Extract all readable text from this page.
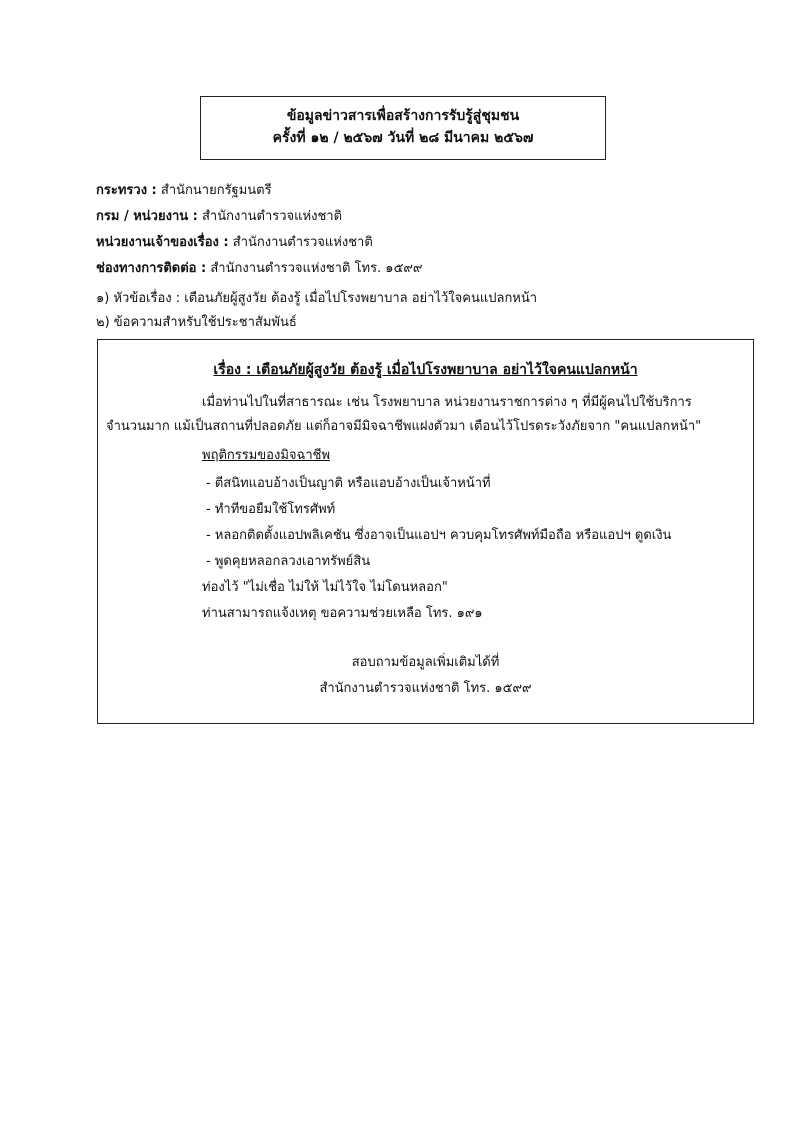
ข้อมูลข่าวสารเพื่อสร้างการรับรู้สู่ชุมชน
ครั้งที่ ๑๒ / ๒๕๖๗ วันที่ ๒๘ มีนาคม ๒๕๖๗
กระทรวง : สำนักนายกรัฐมนตรี
กรม / หน่วยงาน : สำนักงานตำรวจแห่งชาติ
หน่วยงานเจ้าของเรื่อง : สำนักงานตำรวจแห่งชาติ
ช่องทางการติดต่อ : สำนักงานตำรวจแห่งชาติ โทร. ๑๕๙๙
๑) หัวข้อเรื่อง : เตือนภัยผู้สูงวัย ต้องรู้ เมื่อไปโรงพยาบาล อย่าไว้ใจคนแปลกหน้า
๒) ข้อความสำหรับใช้ประชาสัมพันธ์
เรื่อง : เตือนภัยผู้สูงวัย ต้องรู้ เมื่อไปโรงพยาบาล อย่าไว้ใจคนแปลกหน้า
เมื่อท่านไปในที่สาธารณะ เช่น โรงพยาบาล หน่วยงานราชการต่าง ๆ ที่มีผู้คนไปใช้บริการ
จำนวนมาก แม้เป็นสถานที่ปลอดภัย แต่ก็อาจมีมิจฉาชีพแฝงตัวมา เตือนไว้โปรดระวังภัยจาก "คนแปลกหน้า"
พฤติกรรมของมิจฉาชีพ
- ตีสนิทแอบอ้างเป็นญาติ หรือแอบอ้างเป็นเจ้าหน้าที่
- ทำทีขอยืมใช้โทรศัพท์
- หลอกติดตั้งแอปพลิเคชัน ซึ่งอาจเป็นแอปฯ ควบคุมโทรศัพท์มือถือ หรือแอปฯ ดูดเงิน
- พูดคุยหลอกลวงเอาทรัพย์สิน
ท่องไว้ "ไม่เชื่อ ไม่ให้ ไม่ไว้ใจ ไม่โดนหลอก"
ท่านสามารถแจ้งเหตุ ขอความช่วยเหลือ โทร. ๑๙๑
สอบถามข้อมูลเพิ่มเติมได้ที่
สำนักงานตำรวจแห่งชาติ โทร. ๑๕๙๙
